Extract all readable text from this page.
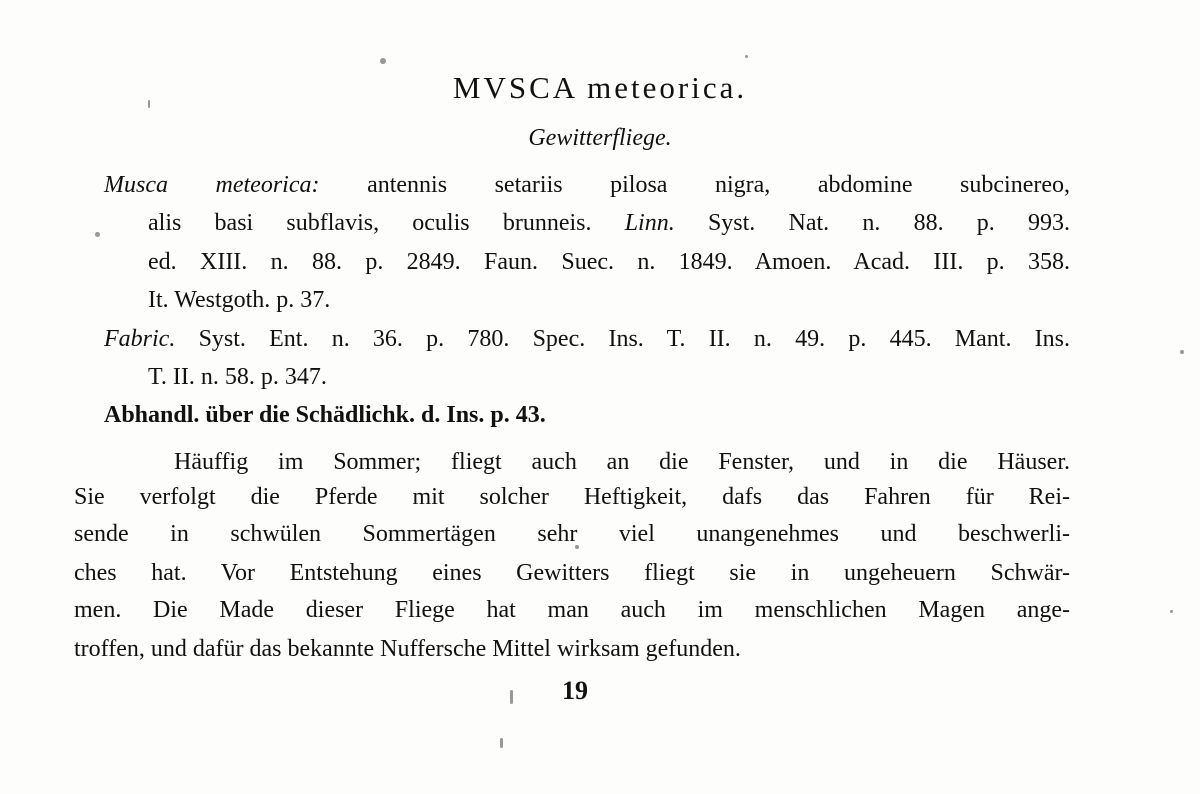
MVSCA meteorica.
Gewitterfliege.
Musca meteorica: antennis setariis pilosa nigra, abdomine subcinereo,
alis basi subflavis, oculis brunneis. Linn. Syst. Nat. n. 88. p. 993.
ed. XIII. n. 88. p. 2849. Faun. Suec. n. 1849. Amoen. Acad. III. p. 358.
It. Westgoth. p. 37.
Fabric. Syst. Ent. n. 36. p. 780. Spec. Ins. T. II. n. 49. p. 445. Mant. Ins.
T. II. n. 58. p. 347.
Abhandl. über die Schädlichk. d. Ins. p. 43.
Häuffig im Sommer; fliegt auch an die Fenster, und in die Häuser.
Sie verfolgt die Pferde mit solcher Heftigkeit, dafs das Fahren für Rei-
sende in schwülen Sommertägen sehr viel unangenehmes und beschwerli-
ches hat. Vor Entstehung eines Gewitters fliegt sie in ungeheuern Schwär-
men. Die Made dieser Fliege hat man auch im menschlichen Magen ange-
troffen, und dafür das bekannte Nuffersche Mittel wirksam gefunden.
19
